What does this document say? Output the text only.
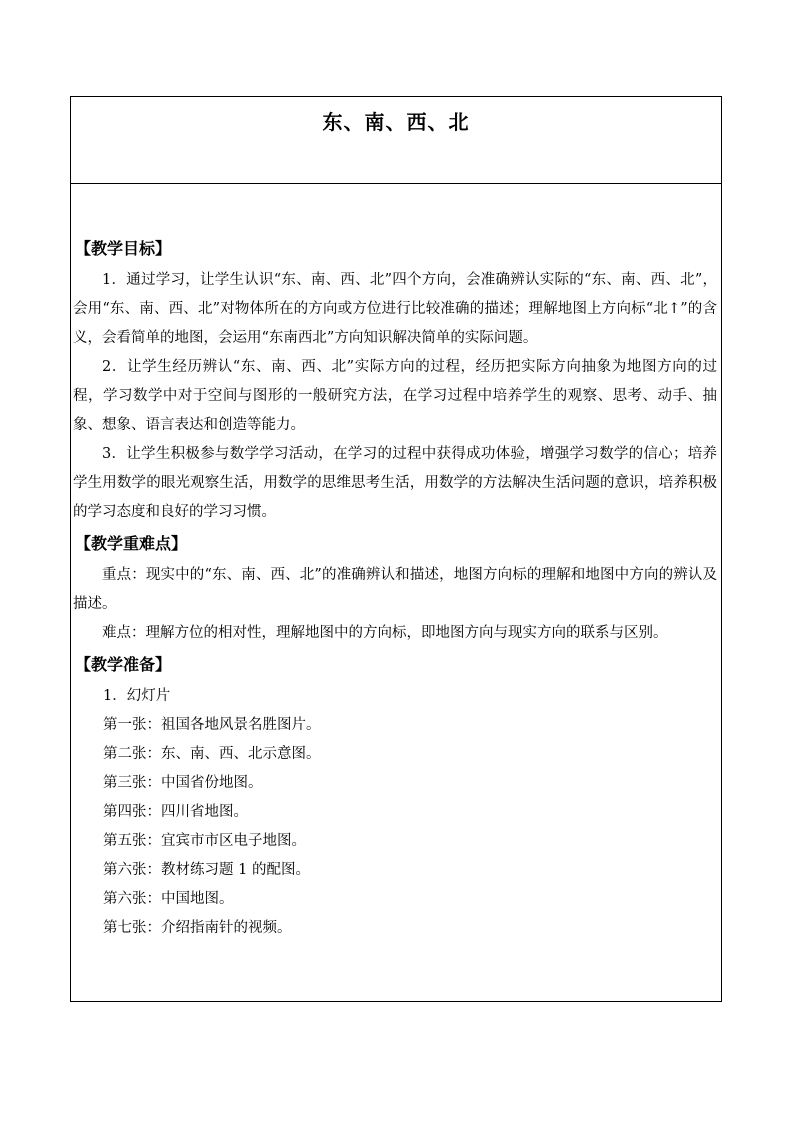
东、南、西、北

【教学目标】

1．通过学习，让学生认识“东、南、西、北”四个方向，会准确辨认实际的“东、南、西、北”，会用“东、南、西、北”对物体所在的方向或方位进行比较准确的描述；理解地图上方向标“北↑”的含义，会看简单的地图，会运用“东南西北”方向知识解决简单的实际问题。

2．让学生经历辨认“东、南、西、北”实际方向的过程，经历把实际方向抽象为地图方向的过程，学习数学中对于空间与图形的一般研究方法，在学习过程中培养学生的观察、思考、动手、抽象、想象、语言表达和创造等能力。

3．让学生积极参与数学学习活动，在学习的过程中获得成功体验，增强学习数学的信心；培养学生用数学的眼光观察生活，用数学的思维思考生活，用数学的方法解决生活问题的意识，培养积极的学习态度和良好的学习习惯。

【教学重难点】

重点：现实中的“东、南、西、北”的准确辨认和描述，地图方向标的理解和地图中方向的辨认及描述。

难点：理解方位的相对性，理解地图中的方向标，即地图方向与现实方向的联系与区别。

【教学准备】

1．幻灯片

第一张：祖国各地风景名胜图片。

第二张：东、南、西、北示意图。

第三张：中国省份地图。

第四张：四川省地图。

第五张：宜宾市市区电子地图。

第六张：教材练习题 1 的配图。

第六张：中国地图。

第七张：介绍指南针的视频。
